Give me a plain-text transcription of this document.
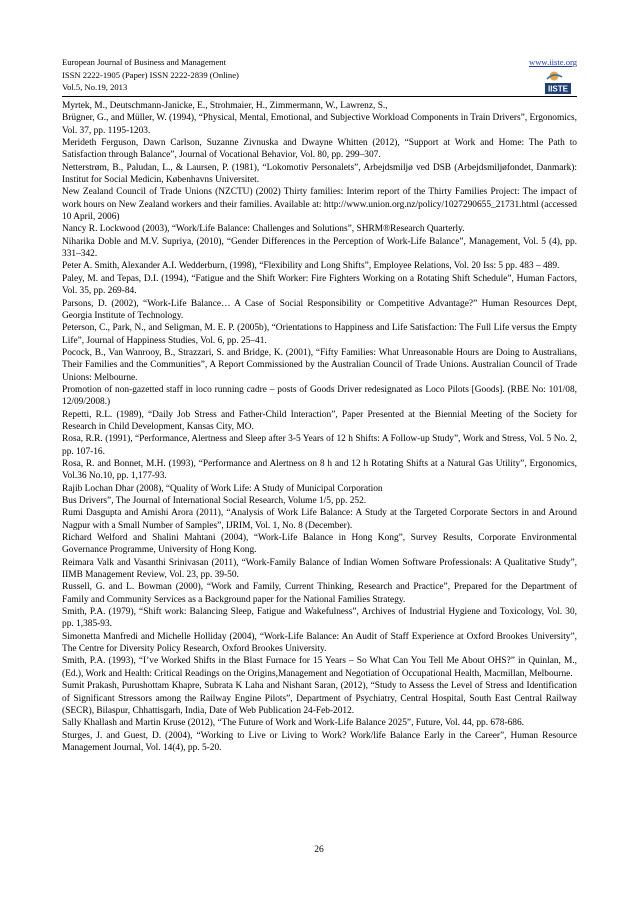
European Journal of Business and Management
ISSN 2222-1905 (Paper) ISSN 2222-2839 (Online)
Vol.5, No.19, 2013
www.iiste.org
IISTE

Myrtek, M., Deutschmann-Janicke, E., Strohmaier, H., Zimmermann, W., Lawrenz, S.,

Brügner, G., and Müller, W. (1994), “Physical, Mental, Emotional, and Subjective Workload Components in Train Drivers”, Ergonomics, Vol. 37, pp. 1195-1203.

Merideth Ferguson, Dawn Carlson, Suzanne Zivnuska and Dwayne Whitten (2012), “Support at Work and Home: The Path to Satisfaction through Balance”, Journal of Vocational Behavior, Vol. 80, pp. 299–307.

Netterstrøm, B., Paludan, L., & Laursen, P. (1981), “Lokomotiv Personalets”, Arbejdsmiljø ved DSB (Arbejdsmiljøfondet, Danmark): Institut for Social Medicin, Københavns Universitet.

New Zealand Council of Trade Unions (NZCTU) (2002) Thirty families: Interim report of the Thirty Families Project: The impact of work hours on New Zealand workers and their families. Available at: http://www.union.org.nz/policy/1027290655_21731.html (accessed 10 April, 2006)

Nancy R. Lockwood (2003), “Work/Life Balance: Challenges and Solutions”, SHRM®Research Quarterly.

Niharika Doble and M.V. Supriya, (2010), “Gender Differences in the Perception of Work-Life Balance”, Management, Vol. 5 (4), pp. 331–342.

Peter A. Smith, Alexander A.I. Wedderburn, (1998), “Flexibility and Long Shifts”, Employee Relations, Vol. 20 Iss: 5 pp. 483 – 489.

Paley, M. and Tepas, D.I. (1994), “Fatigue and the Shift Worker: Fire Fighters Working on a Rotating Shift Schedule”, Human Factors, Vol. 35, pp. 269-84.

Parsons, D. (2002), “Work-Life Balance… A Case of Social Responsibility or Competitive Advantage?” Human Resources Dept, Georgia Institute of Technology.

Peterson, C., Park, N., and Seligman, M. E. P. (2005b), “Orientations to Happiness and Life Satisfaction: The Full Life versus the Empty Life”, Journal of Happiness Studies, Vol. 6, pp. 25–41.

Pocock, B., Van Wanrooy, B., Strazzari, S. and Bridge, K. (2001), “Fifty Families: What Unreasonable Hours are Doing to Australians, Their Families and the Communities”, A Report Commissioned by the Australian Council of Trade Unions. Australian Council of Trade Unions: Melbourne.

Promotion of non-gazetted staff in loco running cadre – posts of Goods Driver redesignated as Loco Pilots [Goods]. (RBE No: 101/08, 12/09/2008.)

Repetti, R.L. (1989), “Daily Job Stress and Father-Child Interaction”, Paper Presented at the Biennial Meeting of the Society for Research in Child Development, Kansas City, MO.

Rosa, R.R. (1991), “Performance, Alertness and Sleep after 3-5 Years of 12 h Shifts: A Follow-up Study”, Work and Stress, Vol. 5 No. 2, pp. 107-16.

Rosa, R. and Bonnet, M.H. (1993), “Performance and Alertness on 8 h and 12 h Rotating Shifts at a Natural Gas Utility”, Ergonomics, Vol.36 No.10, pp. 1,177-93.

Rajib Lochan Dhar (2008), “Quality of Work Life: A Study of Municipal Corporation

Bus Drivers”, The Journal of International Social Research, Volume 1/5, pp. 252.

Rumi Dasgupta and Amishi Arora (2011), “Analysis of Work Life Balance: A Study at the Targeted Corporate Sectors in and Around Nagpur with a Small Number of Samples”, IJRIM, Vol. 1, No. 8 (December).

Richard Welford and Shalini Mahtani (2004), “Work-Life Balance in Hong Kong”, Survey Results, Corporate Environmental Governance Programme, University of Hong Kong.

Reimara Valk and Vasanthi Srinivasan (2011), “Work-Family Balance of Indian Women Software Professionals: A Qualitative Study”, IIMB Management Review, Vol. 23, pp. 39-50.

Russell, G. and L. Bowman (2000), “Work and Family, Current Thinking, Research and Practice”, Prepared for the Department of Family and Community Services as a Background paper for the National Families Strategy.

Smith, P.A. (1979), “Shift work: Balancing Sleep, Fatigue and Wakefulness”, Archives of Industrial Hygiene and Toxicology, Vol. 30, pp. 1,385-93.

Simonetta Manfredi and Michelle Holliday (2004), “Work-Life Balance: An Audit of Staff Experience at Oxford Brookes University”, The Centre for Diversity Policy Research, Oxford Brookes University.

Smith, P.A. (1993), “I’ve Worked Shifts in the Blast Furnace for 15 Years – So What Can You Tell Me About OHS?” in Quinlan, M., (Ed.), Work and Health: Critical Readings on the Origins,Management and Negotiation of Occupational Health, Macmillan, Melbourne.

Sumit Prakash, Purushottam Khapre, Subrata K Laha and Nishant Saran, (2012), “Study to Assess the Level of Stress and Identification of Significant Stressors among the Railway Engine Pilots”, Department of Psychiatry, Central Hospital, South East Central Railway (SECR), Bilaspur, Chhattisgarh, India, Date of Web Publication 24-Feb-2012.

Sally Khallash and Martin Kruse (2012), “The Future of Work and Work-Life Balance 2025”, Future, Vol. 44, pp. 678-686.

Sturges, J. and Guest, D. (2004), “Working to Live or Living to Work? Work/life Balance Early in the Career”, Human Resource Management Journal, Vol. 14(4), pp. 5-20.

26
